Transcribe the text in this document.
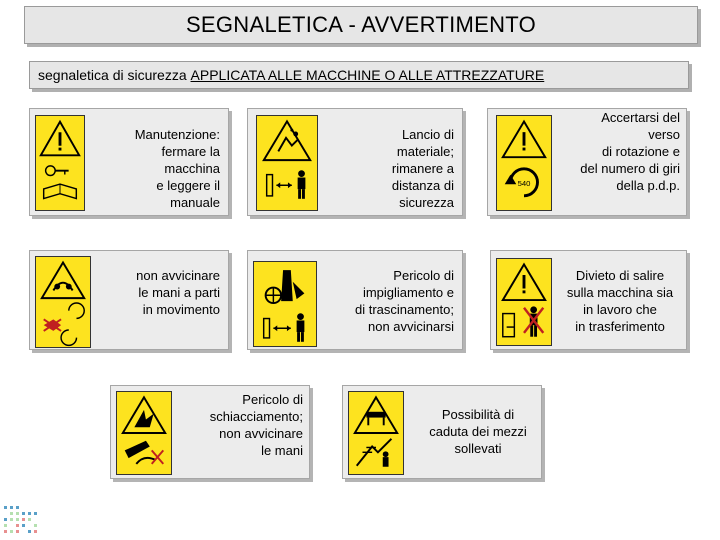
SEGNALETICA - AVVERTIMENTO
segnaletica di sicurezza
APPLICATA ALLE MACCHINE O ALLE ATTREZZATURE
Manutenzione:
fermare la
macchina
e leggere il
manuale
Lancio di
materiale;
rimanere a
distanza di
sicurezza
540
Accertarsi del
verso
di rotazione e
del numero di giri
della p.d.p.
non avvicinare
le mani a parti
in movimento
Pericolo di
impigliamento e
di trascinamento;
non avvicinarsi
Divieto di salire
sulla macchina sia
in lavoro che
in trasferimento
Pericolo di
schiacciamento;
non avvicinare
le mani
Possibilità di
caduta dei mezzi
sollevati
